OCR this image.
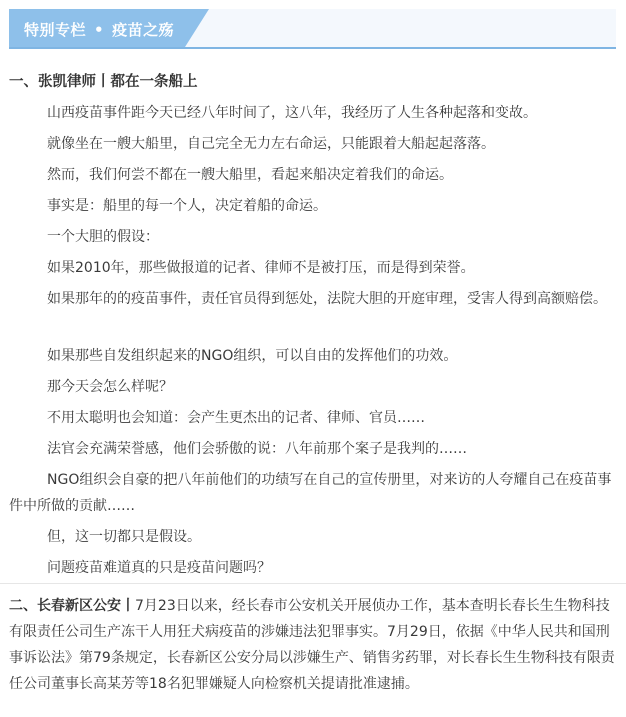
特别专栏 • 疫苗之殇
一、张凯律师丨都在一条船上
山西疫苗事件距今天已经八年时间了，这八年，我经历了人生各种起落和变故。
就像坐在一艘大船里，自己完全无力左右命运，只能跟着大船起起落落。
然而，我们何尝不都在一艘大船里，看起来船决定着我们的命运。
事实是：船里的每一个人，决定着船的命运。
一个大胆的假设：
如果2010年，那些做报道的记者、律师不是被打压，而是得到荣誉。
如果那年的的疫苗事件，责任官员得到惩处，法院大胆的开庭审理，受害人得到高额赔偿。
如果那些自发组织起来的NGO组织，可以自由的发挥他们的功效。
那今天会怎么样呢？
不用太聪明也会知道：会产生更杰出的记者、律师、官员……
法官会充满荣誉感，他们会骄傲的说：八年前那个案子是我判的……
NGO组织会自豪的把八年前他们的功绩写在自己的宣传册里，对来访的人夸耀自己在疫苗事件中所做的贡献……
但，这一切都只是假设。
问题疫苗难道真的只是疫苗问题吗？
二、长春新区公安丨7月23日以来，经长春市公安机关开展侦办工作，基本查明长春长生生物科技有限责任公司生产冻干人用狂犬病疫苗的涉嫌违法犯罪事实。7月29日，依据《中华人民共和国刑事诉讼法》第79条规定，长春新区公安分局以涉嫌生产、销售劣药罪，对长春长生生物科技有限责任公司董事长高某芳等18名犯罪嫌疑人向检察机关提请批准逮捕。
